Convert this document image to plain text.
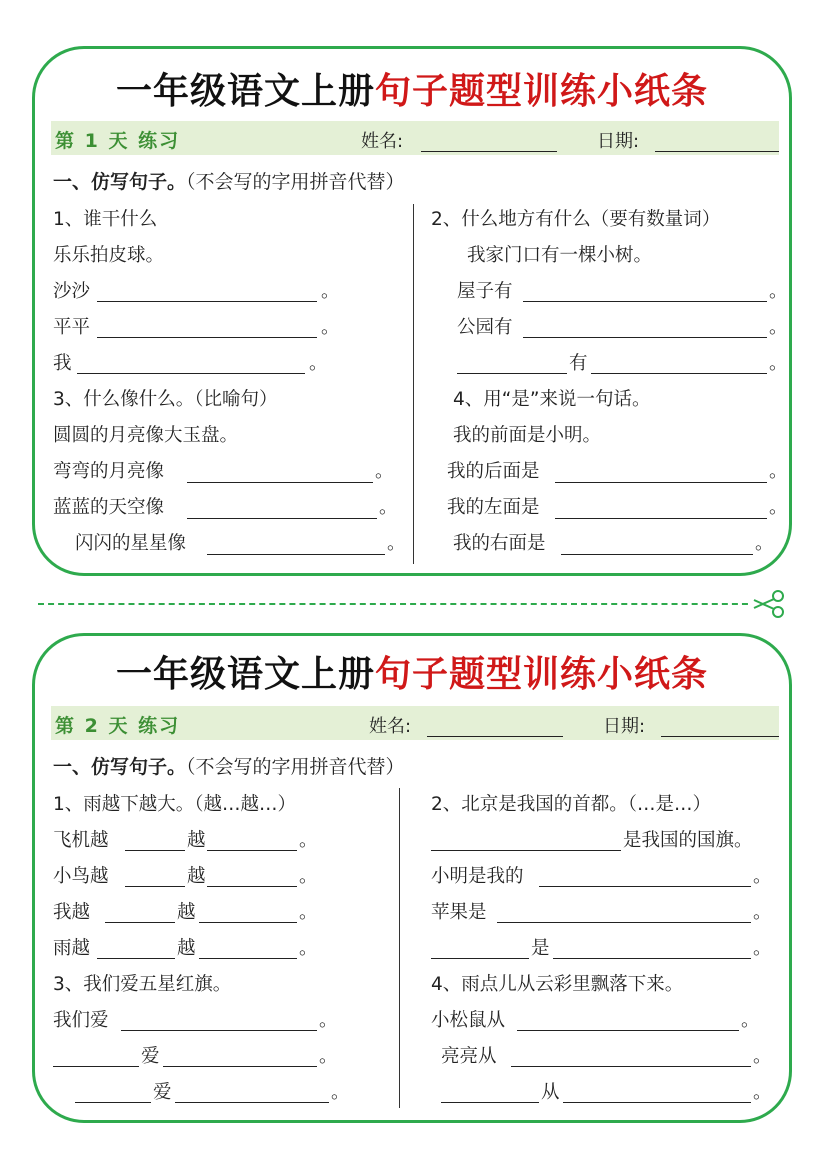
一年级语文上册句子题型训练小纸条
第 1 天 练习	姓名:	日期:
一、仿写句子。（不会写的字用拼音代替）
1、谁干什么
乐乐拍皮球。
沙沙	。
平平	。
我	。
2、什么地方有什么（要有数量词）
我家门口有一棵小树。
屋子有	。
公园有	。
有	。
3、什么像什么。（比喻句）
圆圆的月亮像大玉盘。
弯弯的月亮像	。
蓝蓝的天空像	。
闪闪的星星像	。
4、用“是”来说一句话。
我的前面是小明。
我的后面是	。
我的左面是	。
我的右面是	。
一年级语文上册句子题型训练小纸条
第 2 天 练习	姓名:	日期:
一、仿写句子。（不会写的字用拼音代替）
1、雨越下越大。（越…越…）
飞机越	越	。
小鸟越	越	。
我越	越	。
雨越	越	。
2、北京是我国的首都。（…是…）
是我国的国旗。
小明是我的	。
苹果是	。
是	。
3、我们爱五星红旗。
我们爱	。
爱	。
爱	。
4、雨点儿从云彩里飘落下来。
小松鼠从	。
亮亮从	。
从	。
